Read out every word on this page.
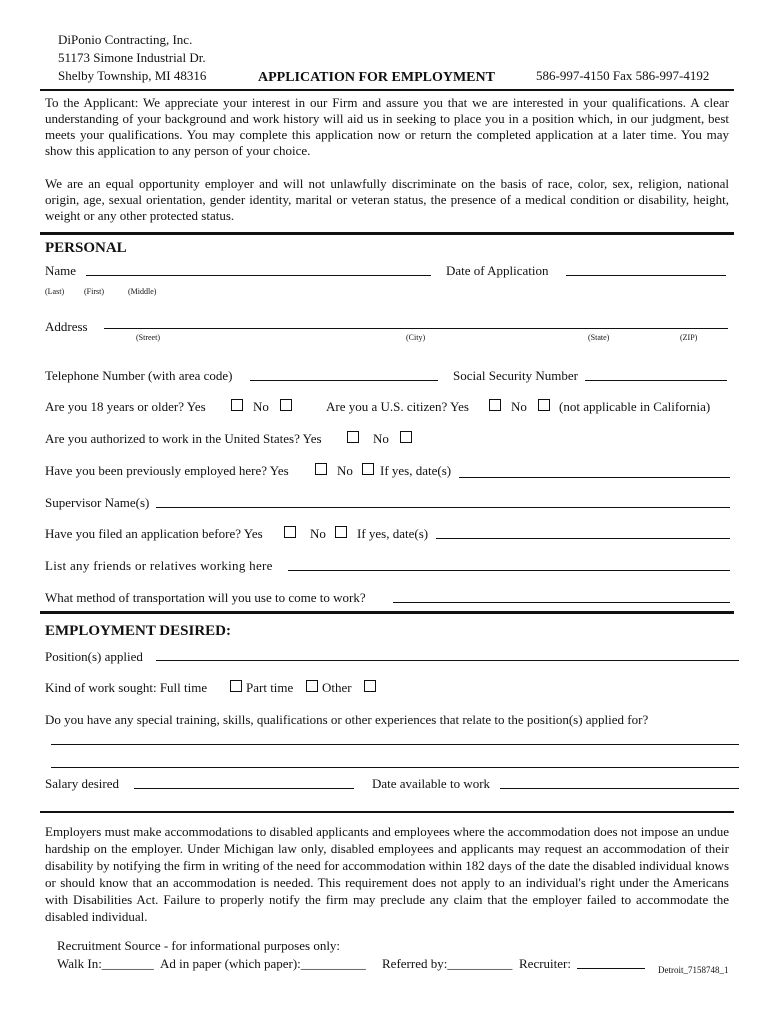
DiPonio Contracting, Inc.
51173 Simone Industrial Dr.
Shelby Township, MI 48316	APPLICATION FOR EMPLOYMENT	586-997-4150 Fax 586-997-4192
To the Applicant: We appreciate your interest in our Firm and assure you that we are interested in your qualifications. A clear understanding of your background and work history will aid us in seeking to place you in a position which, in our judgment, best meets your qualifications. You may complete this application now or return the completed application at a later time. You may show this application to any person of your choice.
We are an equal opportunity employer and will not unlawfully discriminate on the basis of race, color, sex, religion, national origin, age, sexual orientation, gender identity, marital or veteran status, the presence of a medical condition or disability, height, weight or any other protected status.
PERSONAL
Name	Date of Application
(Last) (First)	(Middle)
Address
(Street)	(City)	(State)	(ZIP)
Telephone Number (with area code)	Social Security Number
Are you 18 years or older? Yes	No	Are you a U.S. citizen? Yes	No (not applicable in California)
Are you authorized to work in the United States? Yes	No
Have you been previously employed here? Yes	No If yes, date(s)
Supervisor Name(s)
Have you filed an application before? Yes	No If yes, date(s)
List any friends or relatives working here
What method of transportation will you use to come to work?
EMPLOYMENT DESIRED:
Position(s) applied
Kind of work sought: Full time	Part time Other
Do you have any special training, skills, qualifications or other experiences that relate to the position(s) applied for?
Salary desired	Date available to work
Employers must make accommodations to disabled applicants and employees where the accommodation does not impose an undue hardship on the employer. Under Michigan law only, disabled employees and applicants may request an accommodation of their disability by notifying the firm in writing of the need for accommodation within 182 days of the date the disabled individual knows or should know that an accommodation is needed. This requirement does not apply to an individual's right under the Americans with Disabilities Act. Failure to properly notify the firm may preclude any claim that the employer failed to accommodate the disabled individual.
Recruitment Source - for informational purposes only:
Walk In:________ Ad in paper (which paper):__________ Referred by:__________ Recruiter:	Detroit_7158748_1
